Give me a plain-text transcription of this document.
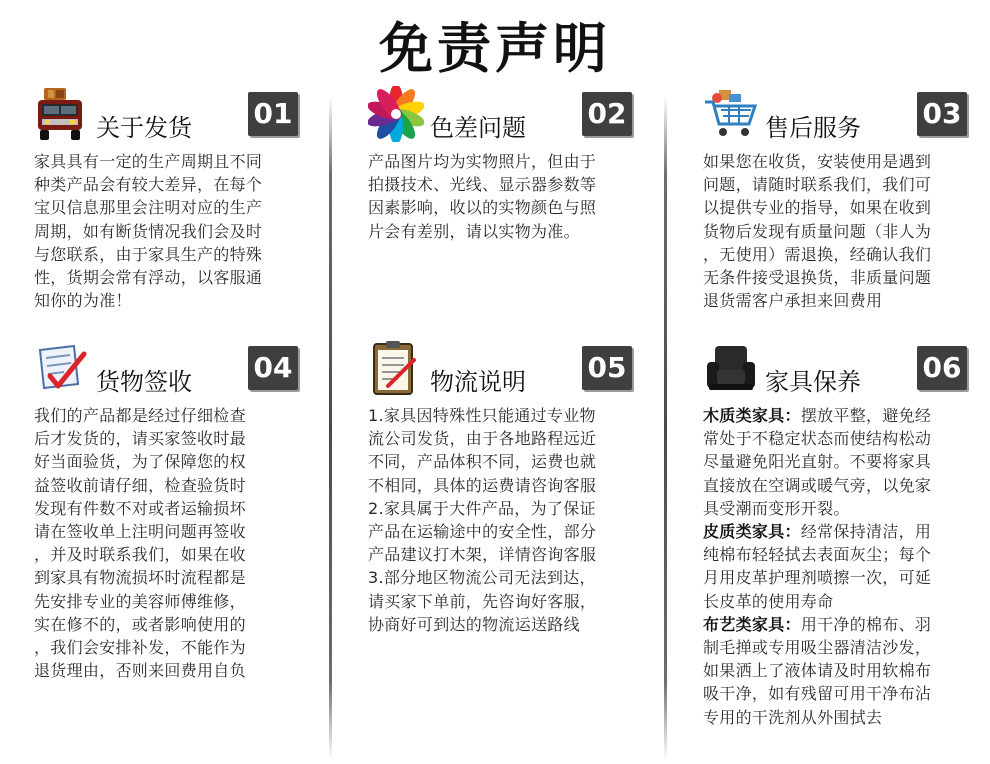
免责声明
关于发货 01

家具具有一定的生产周期且不同

种类产品会有较大差异，在每个

宝贝信息那里会注明对应的生产

周期，如有断货情况我们会及时

与您联系，由于家具生产的特殊

性，货期会常有浮动，以客服通

知你的为准！

色差问题 02

产品图片均为实物照片，但由于

拍摄技术、光线、显示器参数等

因素影响，收以的实物颜色与照

片会有差别，请以实物为准。

售后服务 03

如果您在收货，安装使用是遇到

问题，请随时联系我们，我们可

以提供专业的指导，如果在收到

货物后发现有质量问题（非人为

，无使用）需退换，经确认我们

无条件接受退换货，非质量问题

退货需客户承担来回费用

货物签收 04

我们的产品都是经过仔细检查

后才发货的，请买家签收时最

好当面验货，为了保障您的权

益签收前请仔细，检查验货时

发现有件数不对或者运输损坏

请在签收单上注明问题再签收

，并及时联系我们，如果在收

到家具有物流损坏时流程都是

先安排专业的美容师傅维修，

实在修不的，或者影响使用的

，我们会安排补发，不能作为

退货理由，否则来回费用自负

物流说明 05

1.家具因特殊性只能通过专业物

流公司发货，由于各地路程远近

不同，产品体积不同，运费也就

不相同，具体的运费请咨询客服

2.家具属于大件产品，为了保证

产品在运输途中的安全性，部分

产品建议打木架，详情咨询客服

3.部分地区物流公司无法到达，

请买家下单前，先咨询好客服，

协商好可到达的物流运送路线

家具保养 06

木质类家具：摆放平整，避免经

常处于不稳定状态而使结构松动

尽量避免阳光直射。不要将家具

直接放在空调或暖气旁，以免家

具受潮而变形开裂。

皮质类家具：经常保持清洁，用

纯棉布轻轻拭去表面灰尘；每个

月用皮革护理剂喷擦一次，可延

长皮革的使用寿命

布艺类家具：用干净的棉布、羽

制毛掸或专用吸尘器清洁沙发，

如果洒上了液体请及时用软棉布

吸干净，如有残留可用干净布沾

专用的干洗剂从外围拭去
